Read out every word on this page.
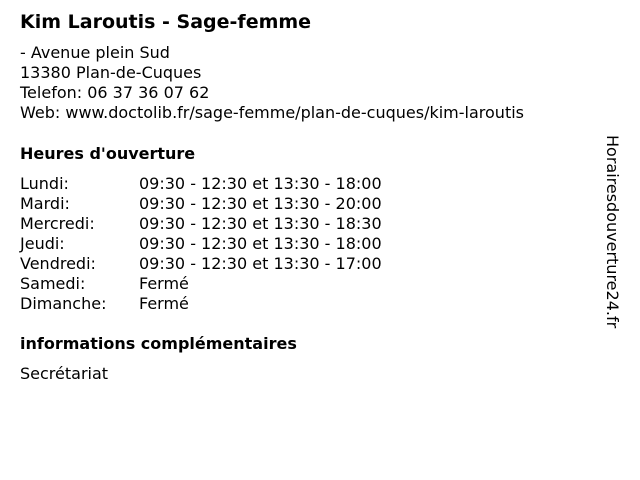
Kim Laroutis - Sage-femme
- Avenue plein Sud
13380 Plan-de-Cuques
Telefon: 06 37 36 07 62
Web: www.doctolib.fr/sage-femme/plan-de-cuques/kim-laroutis
Heures d'ouverture
Lundi:	09:30 - 12:30 et 13:30 - 18:00
Mardi:	09:30 - 12:30 et 13:30 - 20:00
Mercredi:	09:30 - 12:30 et 13:30 - 18:30
Jeudi:	09:30 - 12:30 et 13:30 - 18:00
Vendredi:	09:30 - 12:30 et 13:30 - 17:00
Samedi:	Fermé
Dimanche: Fermé
informations complémentaires
Secrétariat
Horairesdouverture24.fr
